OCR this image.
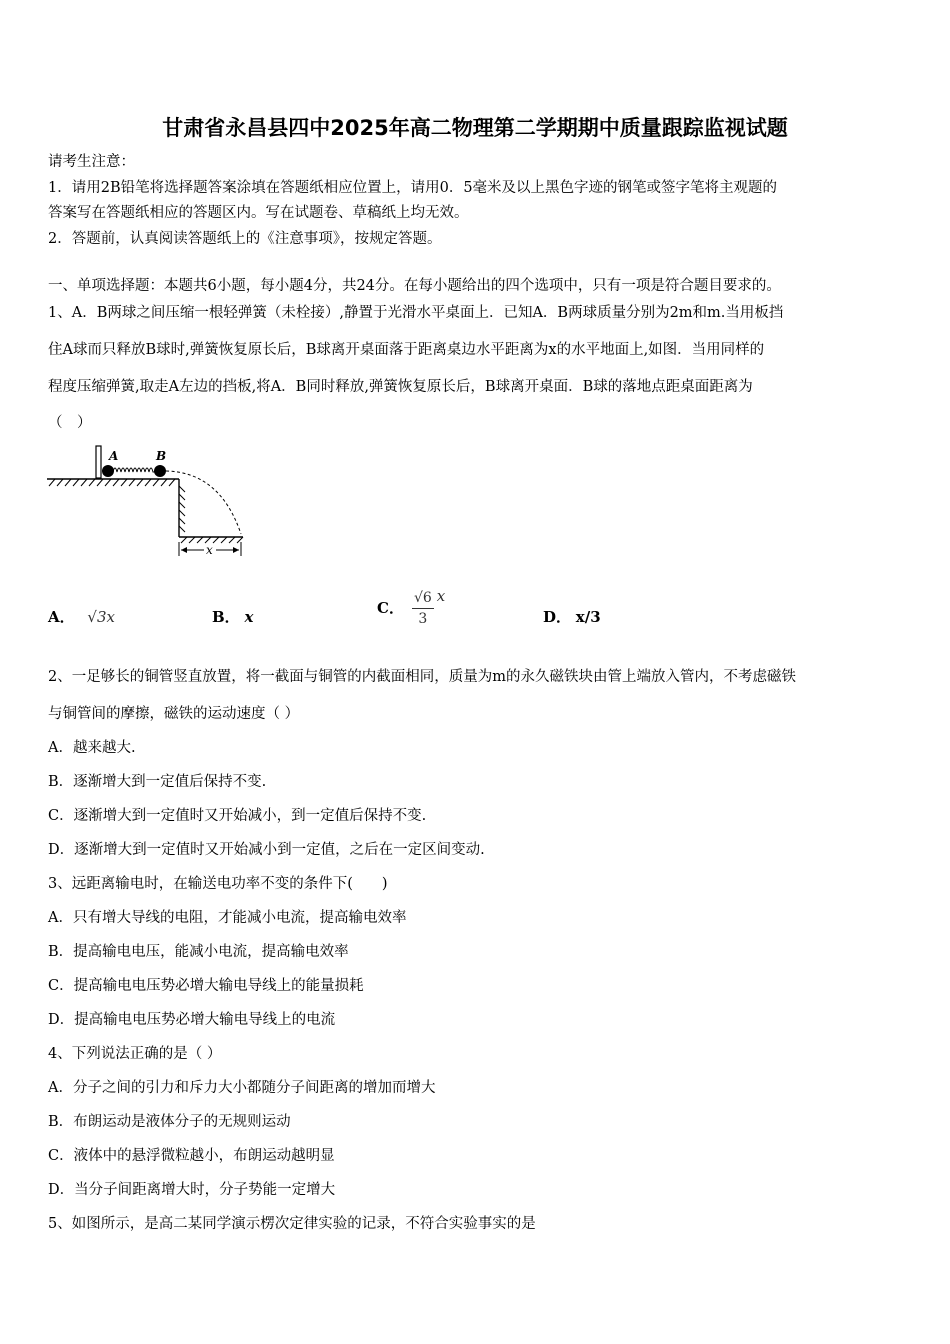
甘肃省永昌县四中2025年高二物理第二学期期中质量跟踪监视试题
请考生注意：
1．请用2B铅笔将选择题答案涂填在答题纸相应位置上，请用0．5毫米及以上黑色字迹的钢笔或签字笔将主观题的
答案写在答题纸相应的答题区内。写在试题卷、草稿纸上均无效。
2．答题前，认真阅读答题纸上的《注意事项》，按规定答题。
一、单项选择题：本题共6小题，每小题4分，共24分。在每小题给出的四个选项中，只有一项是符合题目要求的。
1、A．B两球之间压缩一根轻弹簧（未栓接）,静置于光滑水平桌面上．已知A．B两球质量分别为2m和m.当用板挡
住A球而只释放B球时,弹簧恢复原长后，B球离开桌面落于距离桌边水平距离为x的水平地面上,如图．当用同样的
程度压缩弹簧,取走A左边的挡板,将A．B同时释放,弹簧恢复原长后，B球离开桌面．B球的落地点距桌面距离为
（　）
A	B
x
A． √3x	B． x	C． $\frac{√6}{3}$ x
D． x/3
2、一足够长的铜管竖直放置，将一截面与铜管的内截面相同，质量为m的永久磁铁块由管上端放入管内，不考虑磁铁
与铜管间的摩擦，磁铁的运动速度（ ）
A．越来越大.
B．逐渐增大到一定值后保持不变.
C．逐渐增大到一定值时又开始减小，到一定值后保持不变.
D．逐渐增大到一定值时又开始减小到一定值，之后在一定区间变动.
3、远距离输电时，在输送电功率不变的条件下(　　)
A．只有增大导线的电阻，才能减小电流，提高输电效率
B．提高输电电压，能减小电流，提高输电效率
C．提高输电电压势必增大输电导线上的能量损耗
D．提高输电电压势必增大输电导线上的电流
4、下列说法正确的是（ ）
A．分子之间的引力和斥力大小都随分子间距离的增加而增大
B．布朗运动是液体分子的无规则运动
C．液体中的悬浮微粒越小，布朗运动越明显
D．当分子间距离增大时，分子势能一定增大
5、如图所示，是高二某同学演示楞次定律实验的记录，不符合实验事实的是
